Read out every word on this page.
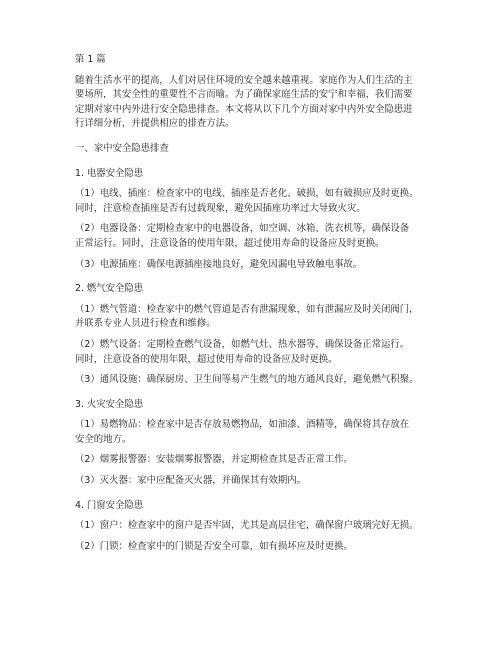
第 1 篇

随着生活水平的提高，人们对居住环境的安全越来越重视。家庭作为人们生活的主

要场所，其安全性的重要性不言而喻。为了确保家庭生活的安宁和幸福，我们需要

定期对家中内外进行安全隐患排查。本文将从以下几个方面对家中内外安全隐患进

行详细分析，并提供相应的排查方法。

一、家中安全隐患排查

1. 电器安全隐患

（1）电线、插座：检查家中的电线、插座是否老化、破损，如有破损应及时更换。

同时，注意检查插座是否有过载现象，避免因插座功率过大导致火灾。

（2）电器设备：定期检查家中的电器设备，如空调、冰箱、洗衣机等，确保设备

正常运行。同时，注意设备的使用年限，超过使用寿命的设备应及时更换。

（3）电源插座：确保电源插座接地良好，避免因漏电导致触电事故。

2. 燃气安全隐患

（1）燃气管道：检查家中的燃气管道是否有泄漏现象，如有泄漏应及时关闭阀门，

并联系专业人员进行检查和维修。

（2）燃气设备：定期检查燃气设备，如燃气灶、热水器等，确保设备正常运行。

同时，注意设备的使用年限，超过使用寿命的设备应及时更换。

（3）通风设施：确保厨房、卫生间等易产生燃气的地方通风良好，避免燃气积聚。

3. 火灾安全隐患

（1）易燃物品：检查家中是否存放易燃物品，如油漆、酒精等，确保将其存放在

安全的地方。

（2）烟雾报警器：安装烟雾报警器，并定期检查其是否正常工作。

（3）灭火器：家中应配备灭火器，并确保其有效期内。

4. 门窗安全隐患

（1）窗户：检查家中的窗户是否牢固，尤其是高层住宅，确保窗户玻璃完好无损。

（2）门锁：检查家中的门锁是否安全可靠，如有损坏应及时更换。
